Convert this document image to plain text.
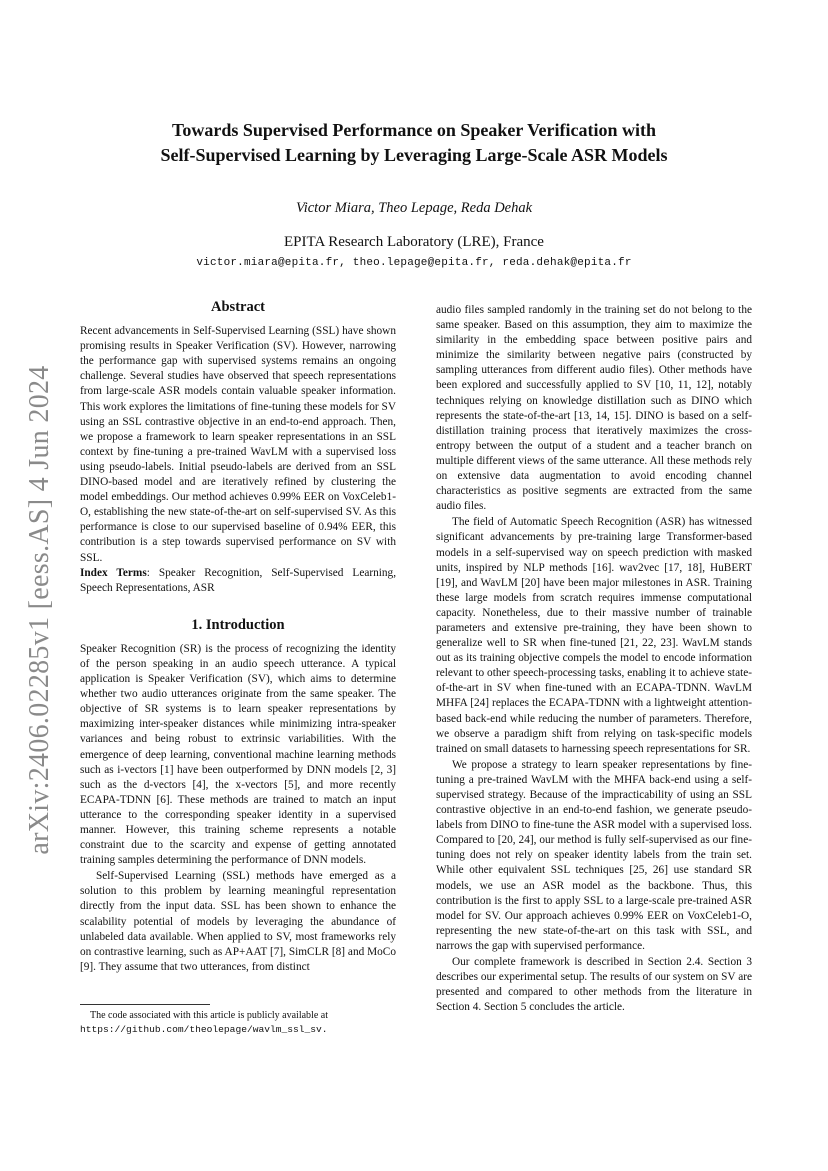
arXiv:2406.02285v1 [eess.AS] 4 Jun 2024
Towards Supervised Performance on Speaker Verification with
Self-Supervised Learning by Leveraging Large-Scale ASR Models
Victor Miara, Theo Lepage, Reda Dehak
EPITA Research Laboratory (LRE), France
victor.miara@epita.fr, theo.lepage@epita.fr, reda.dehak@epita.fr
Abstract

Recent advancements in Self-Supervised Learning (SSL) have shown promising results in Speaker Verification (SV). However, narrowing the performance gap with supervised systems remains an ongoing challenge. Several studies have observed that speech representations from large-scale ASR models contain valuable speaker information. This work explores the limitations of fine-tuning these models for SV using an SSL contrastive objective in an end-to-end approach. Then, we propose a framework to learn speaker representations in an SSL context by fine-tuning a pre-trained WavLM with a supervised loss using pseudo-labels. Initial pseudo-labels are derived from an SSL DINO-based model and are iteratively refined by clustering the model embeddings. Our method achieves 0.99% EER on VoxCeleb1-O, establishing the new state-of-the-art on self-supervised SV. As this performance is close to our supervised baseline of 0.94% EER, this contribution is a step towards supervised performance on SV with SSL.

Index Terms: Speaker Recognition, Self-Supervised Learning, Speech Representations, ASR

1. Introduction

Speaker Recognition (SR) is the process of recognizing the identity of the person speaking in an audio speech utterance. A typical application is Speaker Verification (SV), which aims to determine whether two audio utterances originate from the same speaker. The objective of SR systems is to learn speaker representations by maximizing inter-speaker distances while minimizing intra-speaker variances and being robust to extrinsic variabilities. With the emergence of deep learning, conventional machine learning methods such as i-vectors [1] have been outperformed by DNN models [2, 3] such as the d-vectors [4], the x-vectors [5], and more recently ECAPA-TDNN [6]. These methods are trained to match an input utterance to the corresponding speaker identity in a supervised manner. However, this training scheme represents a notable constraint due to the scarcity and expense of getting annotated training samples determining the performance of DNN models.

Self-Supervised Learning (SSL) methods have emerged as a solution to this problem by learning meaningful representation directly from the input data. SSL has been shown to enhance the scalability potential of models by leveraging the abundance of unlabeled data available. When applied to SV, most frameworks rely on contrastive learning, such as AP+AAT [7], SimCLR [8] and MoCo [9]. They assume that two utterances, from distinct

audio files sampled randomly in the training set do not belong to the same speaker. Based on this assumption, they aim to maximize the similarity in the embedding space between positive pairs and minimize the similarity between negative pairs (constructed by sampling utterances from different audio files). Other methods have been explored and successfully applied to SV [10, 11, 12], notably techniques relying on knowledge distillation such as DINO which represents the state-of-the-art [13, 14, 15]. DINO is based on a self-distillation training process that iteratively maximizes the cross-entropy between the output of a student and a teacher branch on multiple different views of the same utterance. All these methods rely on extensive data augmentation to avoid encoding channel characteristics as positive segments are extracted from the same audio files.

The field of Automatic Speech Recognition (ASR) has witnessed significant advancements by pre-training large Transformer-based models in a self-supervised way on speech prediction with masked units, inspired by NLP methods [16]. wav2vec [17, 18], HuBERT [19], and WavLM [20] have been major milestones in ASR. Training these large models from scratch requires immense computational capacity. Nonetheless, due to their massive number of trainable parameters and extensive pre-training, they have been shown to generalize well to SR when fine-tuned [21, 22, 23]. WavLM stands out as its training objective compels the model to encode information relevant to other speech-processing tasks, enabling it to achieve state-of-the-art in SV when fine-tuned with an ECAPA-TDNN. WavLM MHFA [24] replaces the ECAPA-TDNN with a lightweight attention-based back-end while reducing the number of parameters. Therefore, we observe a paradigm shift from relying on task-specific models trained on small datasets to harnessing speech representations for SR.

We propose a strategy to learn speaker representations by fine-tuning a pre-trained WavLM with the MHFA back-end using a self-supervised strategy. Because of the impracticability of using an SSL contrastive objective in an end-to-end fashion, we generate pseudo-labels from DINO to fine-tune the ASR model with a supervised loss. Compared to [20, 24], our method is fully self-supervised as our fine-tuning does not rely on speaker identity labels from the train set. While other equivalent SSL techniques [25, 26] use standard SR models, we use an ASR model as the backbone. Thus, this contribution is the first to apply SSL to a large-scale pre-trained ASR model for SV. Our approach achieves 0.99% EER on VoxCeleb1-O, representing the new state-of-the-art on this task with SSL, and narrows the gap with supervised performance.

Our complete framework is described in Section 2.4. Section 3 describes our experimental setup. The results of our system on SV are presented and compared to other methods from the literature in Section 4. Section 5 concludes the article.

The code associated with this article is publicly available at
https://github.com/theolepage/wavlm_ssl_sv.
